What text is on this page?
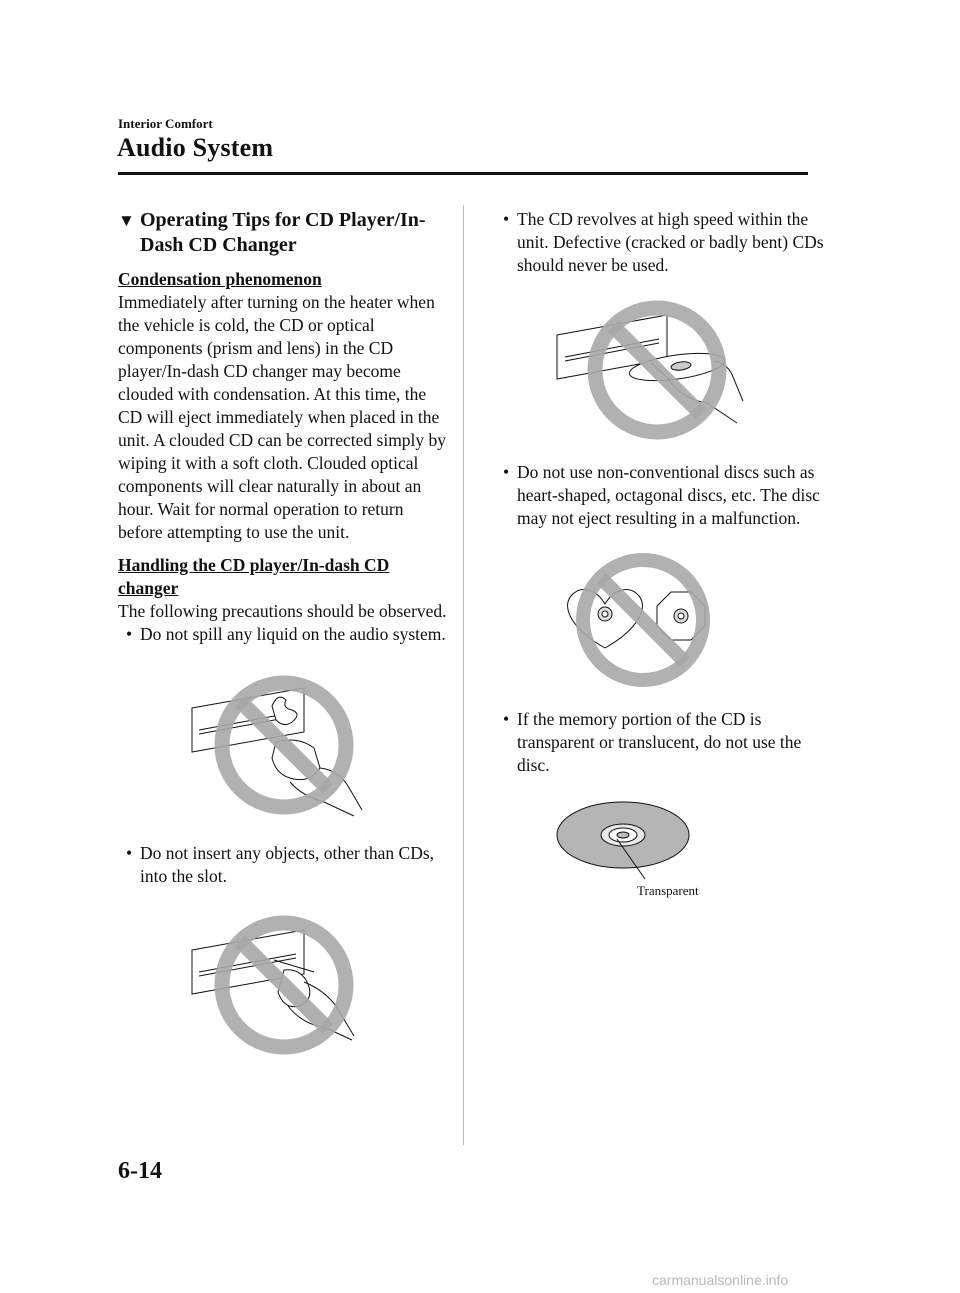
Interior Comfort
Audio System
▼ Operating Tips for CD Player/In-Dash CD Changer

Condensation phenomenon

Immediately after turning on the heater when the vehicle is cold, the CD or optical components (prism and lens) in the CD player/In-dash CD changer may become clouded with condensation. At this time, the CD will eject immediately when placed in the unit. A clouded CD can be corrected simply by wiping it with a soft cloth. Clouded optical components will clear naturally in about an hour. Wait for normal operation to return before attempting to use the unit.

Handling the CD player/In-dash CD changer

The following precautions should be observed.

• Do not spill any liquid on the audio system.
• Do not insert any objects, other than CDs, into the slot.
• The CD revolves at high speed within the unit. Defective (cracked or badly bent) CDs should never be used.
• Do not use non-conventional discs such as heart-shaped, octagonal discs, etc. The disc may not eject resulting in a malfunction.
• If the memory portion of the CD is transparent or translucent, do not use the disc.
Transparent
6-14
carmanualsonline.info
